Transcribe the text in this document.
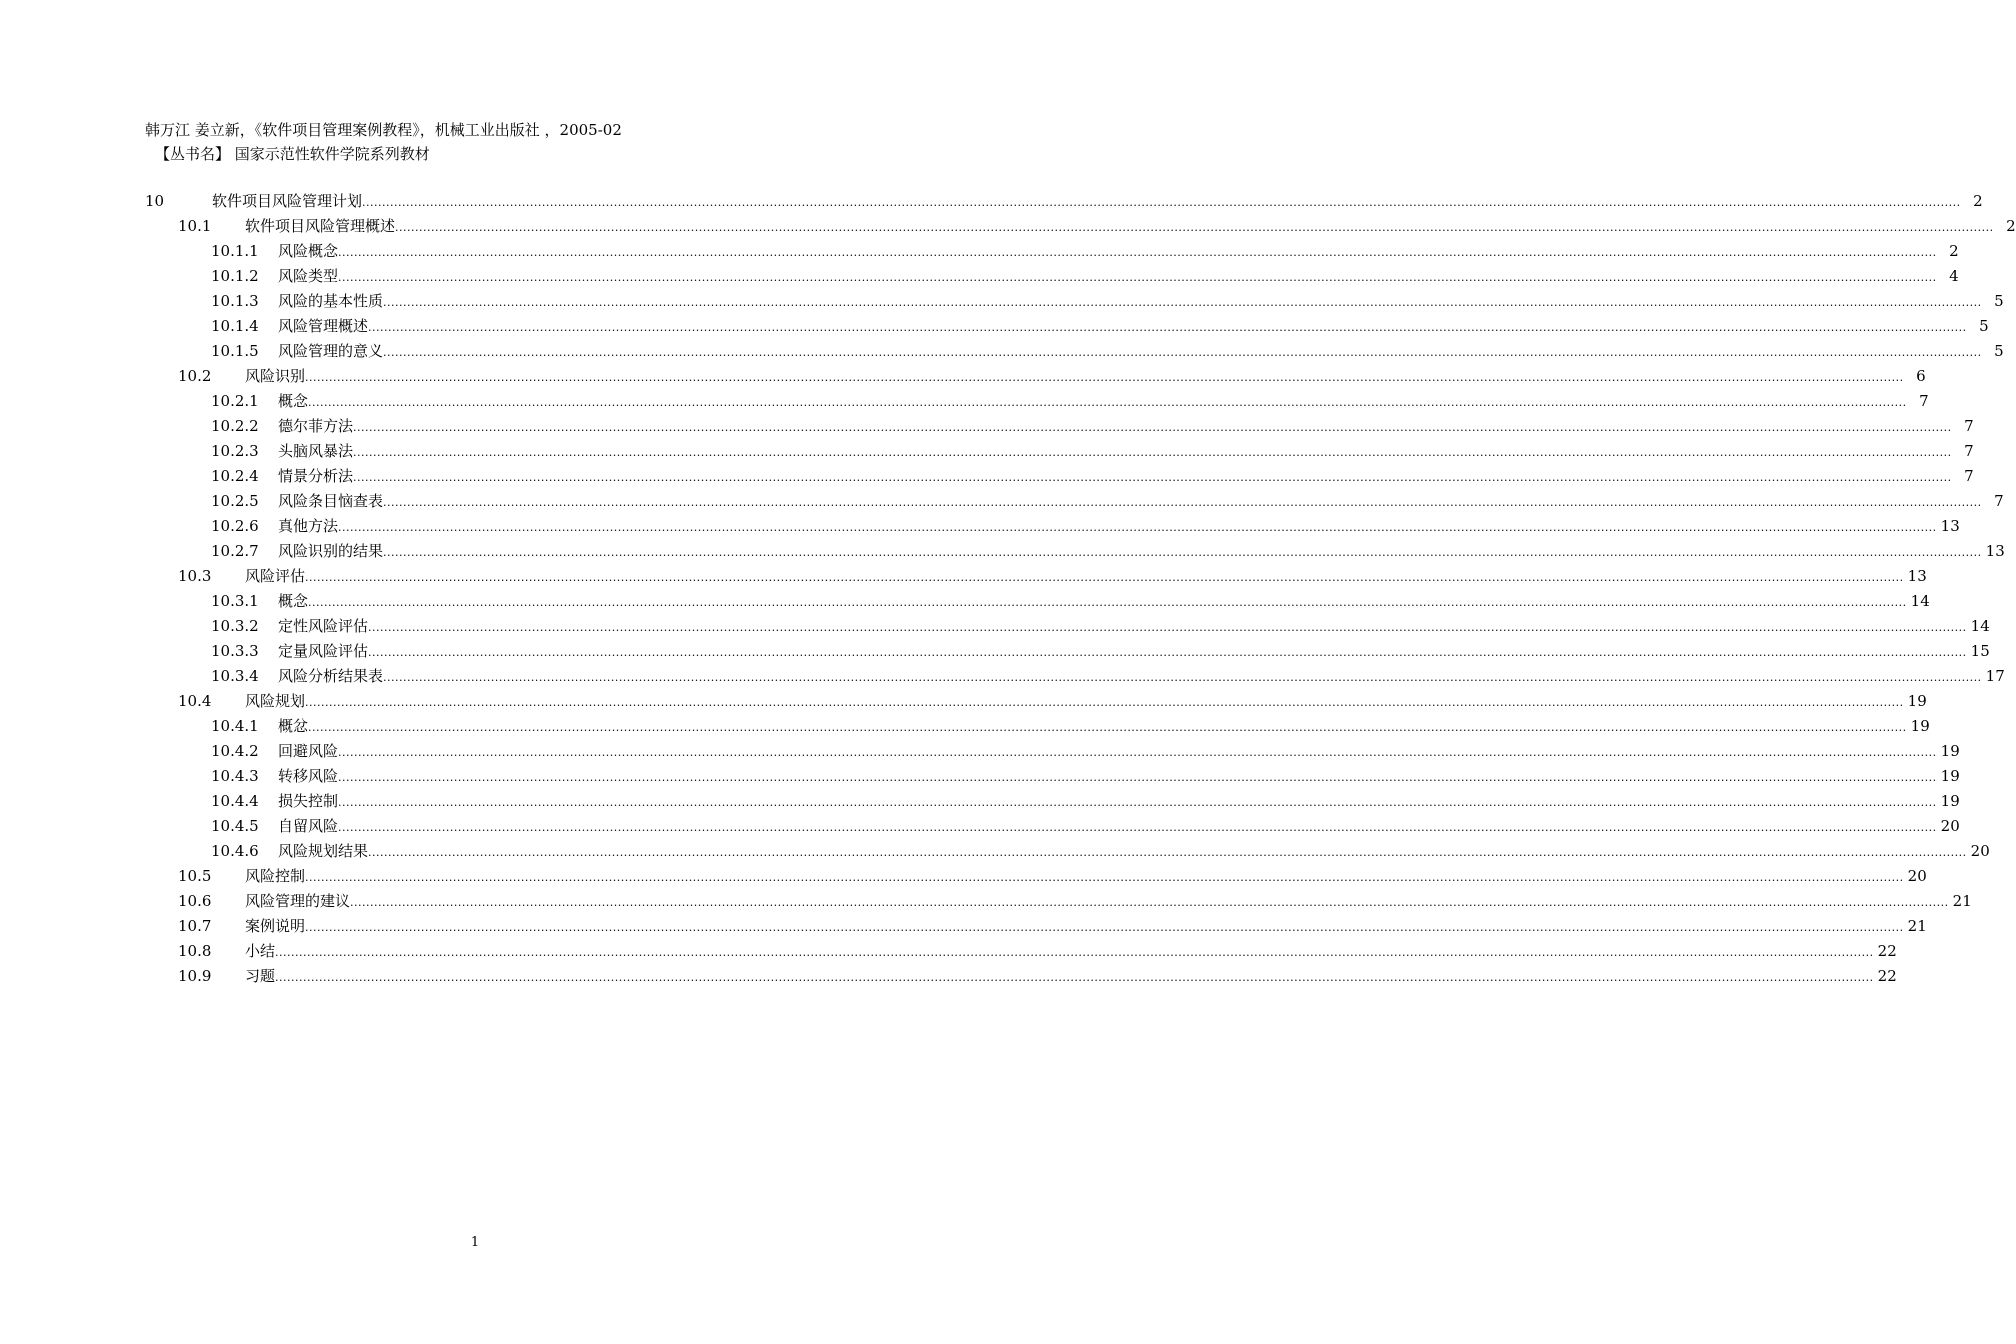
韩万江 姜立新，《软件项目管理案例教程》，机械工业出版社 ，2005-02
【丛书名】 国家示范性软件学院系列教材
10	软件项目风险管理计划 ................................................................................................................................................................................................................................................................................................................................................................................................................ 2
10.1	软件项目风险管理概述 ................................................................................................................................................................................................................................................................................................................................................................................................................ 2
10.1.1	风险概念 ................................................................................................................................................................................................................................................................................................................................................................................................................ 2
10.1.2	风险类型 ................................................................................................................................................................................................................................................................................................................................................................................................................ 4
10.1.3	风险的基本性质 ................................................................................................................................................................................................................................................................................................................................................................................................................ 5
10.1.4	风险管理概述 ................................................................................................................................................................................................................................................................................................................................................................................................................ 5
10.1.5	风险管理的意义 ................................................................................................................................................................................................................................................................................................................................................................................................................ 5
10.2	风险识别 ................................................................................................................................................................................................................................................................................................................................................................................................................ 6
10.2.1	概念 ................................................................................................................................................................................................................................................................................................................................................................................................................ 7
10.2.2	德尔菲方法 ................................................................................................................................................................................................................................................................................................................................................................................................................ 7
10.2.3	头脑风暴法 ................................................................................................................................................................................................................................................................................................................................................................................................................ 7
10.2.4	情景分析法 ................................................................................................................................................................................................................................................................................................................................................................................................................ 7
10.2.5	风险条目恼查表 ................................................................................................................................................................................................................................................................................................................................................................................................................ 7
10.2.6	真他方法 ................................................................................................................................................................................................................................................................................................................................................................................................................ 13
10.2.7	风险识别的结果 ................................................................................................................................................................................................................................................................................................................................................................................................................ 13
10.3	风险评估 ................................................................................................................................................................................................................................................................................................................................................................................................................ 13
10.3.1	概念 ................................................................................................................................................................................................................................................................................................................................................................................................................ 14
10.3.2	定性风险评估 ................................................................................................................................................................................................................................................................................................................................................................................................................ 14
10.3.3	定量风险评估 ................................................................................................................................................................................................................................................................................................................................................................................................................ 15
10.3.4	风险分析结果表 ................................................................................................................................................................................................................................................................................................................................................................................................................ 17
10.4	风险规划 ................................................................................................................................................................................................................................................................................................................................................................................................................ 19
10.4.1	概忿 ................................................................................................................................................................................................................................................................................................................................................................................................................ 19
10.4.2	回避风险 ................................................................................................................................................................................................................................................................................................................................................................................................................ 19
10.4.3	转移风险 ................................................................................................................................................................................................................................................................................................................................................................................................................ 19
10.4.4	损失控制 ................................................................................................................................................................................................................................................................................................................................................................................................................ 19
10.4.5	自留风险 ................................................................................................................................................................................................................................................................................................................................................................................................................ 20
10.4.6	风险规划结果 ................................................................................................................................................................................................................................................................................................................................................................................................................ 20
10.5	风险控制 ................................................................................................................................................................................................................................................................................................................................................................................................................ 20
10.6	风险管理的建议 ................................................................................................................................................................................................................................................................................................................................................................................................................ 21
10.7	案例说明 ................................................................................................................................................................................................................................................................................................................................................................................................................ 21
10.8	小结 ................................................................................................................................................................................................................................................................................................................................................................................................................ 22
10.9	习题 ................................................................................................................................................................................................................................................................................................................................................................................................................ 22
1
